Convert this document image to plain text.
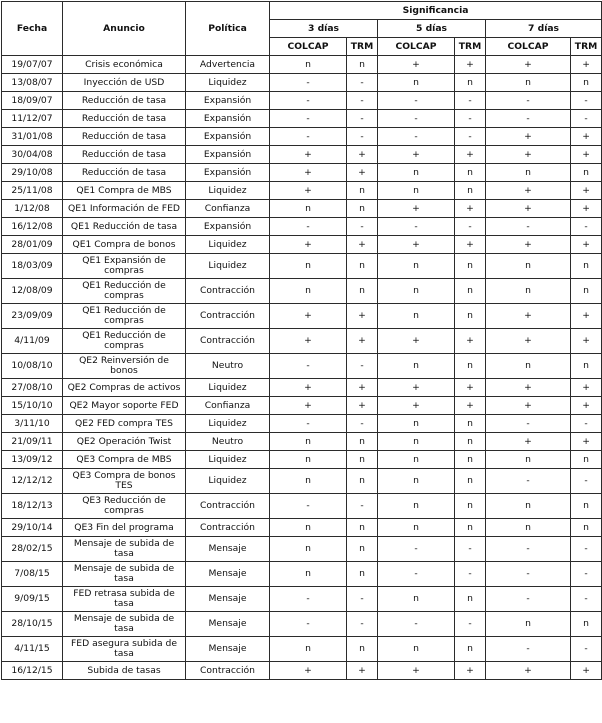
Fecha	Anuncio	Política	Significancia					
			3 días		5 días		7 días	
			COLCAP	TRM	COLCAP	TRM	COLCAP	TRM
19/07/07	Crisis económica	Advertencia	n	n	+	+	+	+
13/08/07	Inyección de USD	Liquidez	-	-	n	n	n	n
18/09/07	Reducción de tasa	Expansión	-	-	-	-	-	-
11/12/07	Reducción de tasa	Expansión	-	-	-	-	-	-
31/01/08	Reducción de tasa	Expansión	-	-	-	-	+	+
30/04/08	Reducción de tasa	Expansión	+	+	+	+	+	+
29/10/08	Reducción de tasa	Expansión	+	+	n	n	n	n
25/11/08	QE1 Compra de MBS	Liquidez	+	n	n	n	+	+
1/12/08	QE1 Información de FED	Confianza	n	n	+	+	+	+
16/12/08	QE1 Reducción de tasa	Expansión	-	-	-	-	-	-
28/01/09	QE1 Compra de bonos	Liquidez	+	+	+	+	+	+
18/03/09	QE1 Expansión de
compras	Liquidez	n	n	n	n	n	n
12/08/09	QE1 Reducción de
compras	Contracción	n	n	n	n	n	n
23/09/09	QE1 Reducción de
compras	Contracción	+	+	n	n	+	+
4/11/09	QE1 Reducción de
compras	Contracción	+	+	+	+	+	+
10/08/10	QE2 Reinversión de
bonos	Neutro	-	-	n	n	n	n
27/08/10	QE2 Compras de activos	Liquidez	+	+	+	+	+	+
15/10/10	QE2 Mayor soporte FED	Confianza	+	+	+	+	+	+
3/11/10	QE2 FED compra TES	Liquidez	-	-	n	n	-	-
21/09/11	QE2 Operación Twist	Neutro	n	n	n	n	+	+
13/09/12	QE3 Compra de MBS	Liquidez	n	n	n	n	n	n
12/12/12	QE3 Compra de bonos
TES	Liquidez	n	n	n	n	-	-
18/12/13	QE3 Reducción de
compras	Contracción	-	-	n	n	n	n
29/10/14	QE3 Fin del programa	Contracción	n	n	n	n	n	n
28/02/15	Mensaje de subida de
tasa	Mensaje	n	n	-	-	-	-
7/08/15	Mensaje de subida de
tasa	Mensaje	n	n	-	-	-	-
9/09/15	FED retrasa subida de
tasa	Mensaje	-	-	n	n	-	-
28/10/15	Mensaje de subida de
tasa	Mensaje	-	-	-	-	n	n
4/11/15	FED asegura subida de
tasa	Mensaje	n	n	n	n	-	-
16/12/15	Subida de tasas	Contracción	+	+	+	+	+	+
